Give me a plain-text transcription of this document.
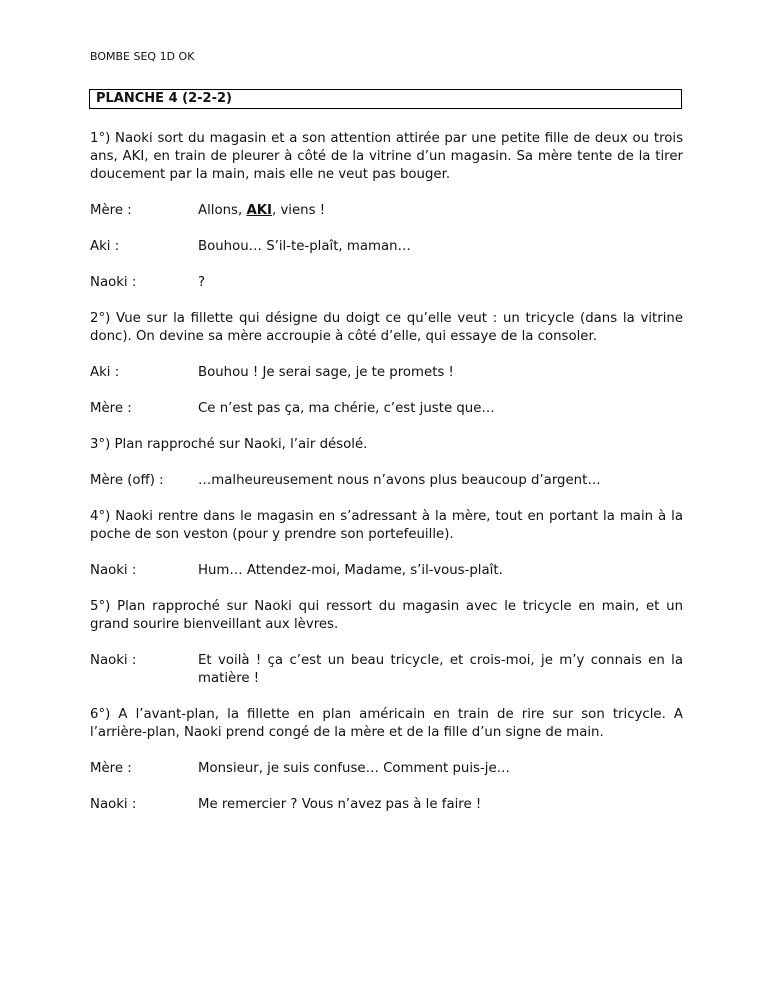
BOMBE SEQ 1D OK
PLANCHE 4 (2-2-2)

1°) Naoki sort du magasin et a son attention attirée par une petite fille de deux ou trois ans, AKI, en train de pleurer à côté de la vitrine d’un magasin. Sa mère tente de la tirer doucement par la main, mais elle ne veut pas bouger.

Mère :	Allons, AKI, viens !
Aki :	Bouhou… S’il-te-plaît, maman…
Naoki :	?

2°) Vue sur la fillette qui désigne du doigt ce qu’elle veut : un tricycle (dans la vitrine donc). On devine sa mère accroupie à côté d’elle, qui essaye de la consoler.

Aki :	Bouhou ! Je serai sage, je te promets !
Mère :	Ce n’est pas ça, ma chérie, c’est juste que…

3°) Plan rapproché sur Naoki, l’air désolé.

Mère (off) :	…malheureusement nous n’avons plus beaucoup d’argent…

4°) Naoki rentre dans le magasin en s’adressant à la mère, tout en portant la main à la poche de son veston (pour y prendre son portefeuille).

Naoki :	Hum… Attendez-moi, Madame, s’il-vous-plaît.

5°) Plan rapproché sur Naoki qui ressort du magasin avec le tricycle en main, et un grand sourire bienveillant aux lèvres.

Naoki :	Et voilà ! ça c’est un beau tricycle, et crois-moi, je m’y connais en la matière !

6°) A l’avant-plan, la fillette en plan américain en train de rire sur son tricycle. A l’arrière-plan, Naoki prend congé de la mère et de la fille d’un signe de main.

Mère :	Monsieur, je suis confuse… Comment puis-je…
Naoki :	Me remercier ? Vous n’avez pas à le faire !
